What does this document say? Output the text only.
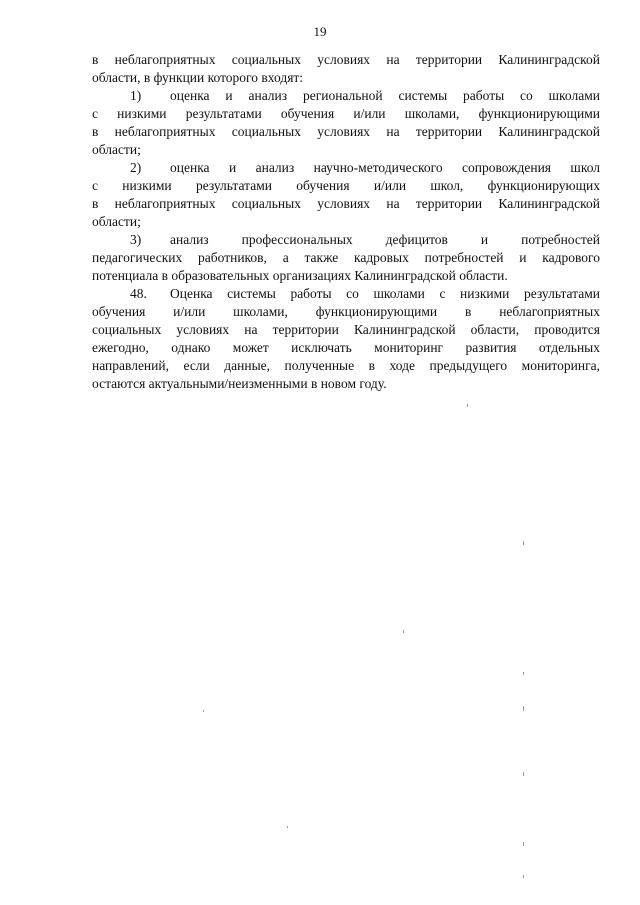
19
в неблагоприятных социальных условиях на территории Калининградской
области, в функции которого входят:
1)	оценка и анализ региональной системы работы со школами
с низкими результатами обучения и/или школами, функционирующими
в неблагоприятных социальных условиях на территории Калининградской
области;
2)	оценка и анализ научно-методического сопровождения школ
с низкими результатами обучения и/или школ, функционирующих
в неблагоприятных социальных условиях на территории Калининградской
области;
3)	анализ профессиональных дефицитов и потребностей
педагогических работников, а также кадровых потребностей и кадрового
потенциала в образовательных организациях Калининградской области.
48.	Оценка системы работы со школами с низкими результатами
обучения и/или школами, функционирующими в неблагоприятных
социальных условиях на территории Калининградской области, проводится
ежегодно, однако может исключать мониторинг развития отдельных
направлений, если данные, полученные в ходе предыдущего мониторинга,
остаются актуальными/неизменными в новом году.
